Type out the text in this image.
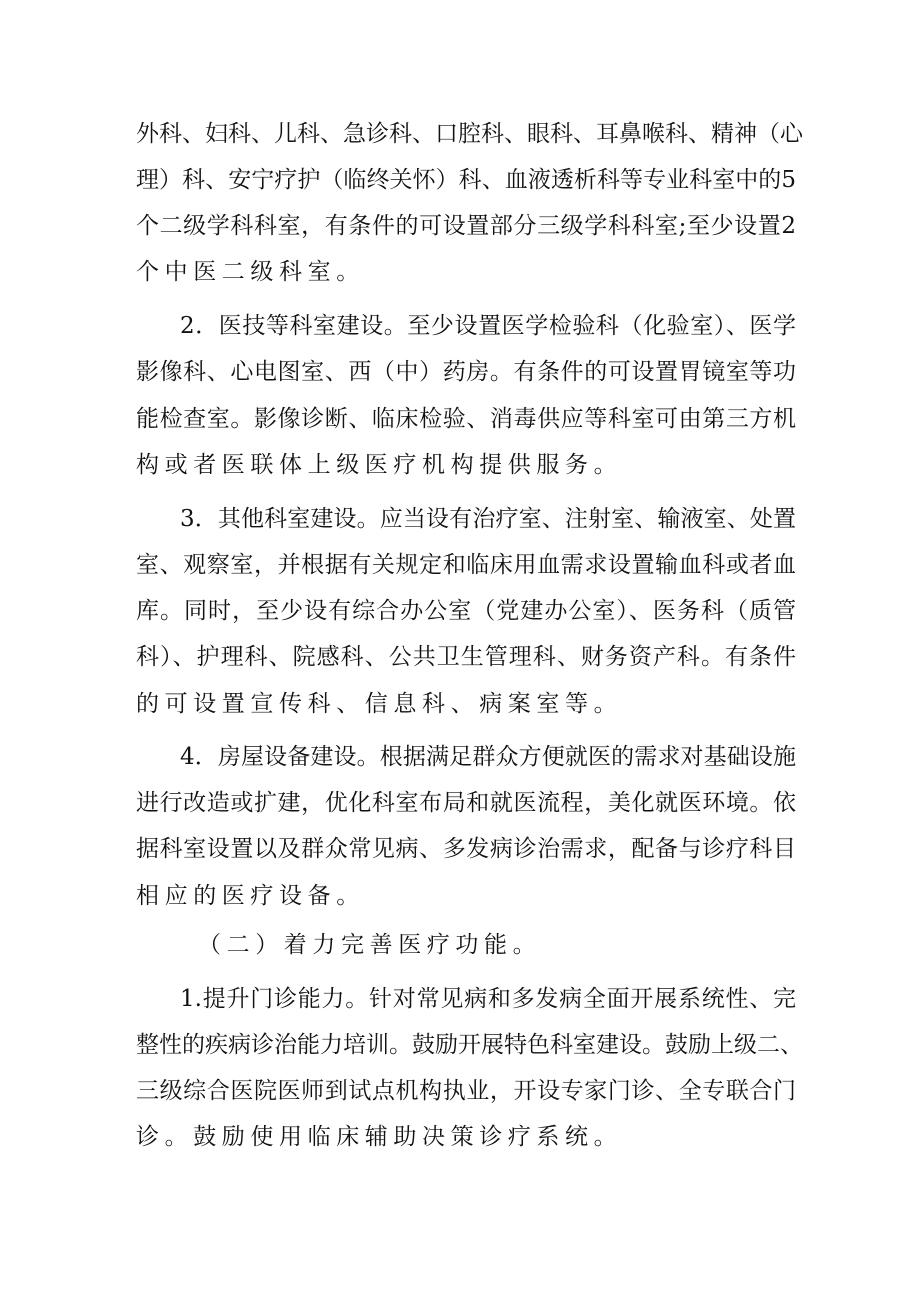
外科、妇科、儿科、急诊科、口腔科、眼科、耳鼻喉科、精神（心
理）科、安宁疗护（临终关怀）科、血液透析科等专业科室中的5
个二级学科科室，有条件的可设置部分三级学科科室;至少设置2
个中医二级科室。
2．医技等科室建设。至少设置医学检验科（化验室）、医学
影像科、心电图室、西（中）药房。有条件的可设置胃镜室等功
能检查室。影像诊断、临床检验、消毒供应等科室可由第三方机
构或者医联体上级医疗机构提供服务。
3．其他科室建设。应当设有治疗室、注射室、输液室、处置
室、观察室，并根据有关规定和临床用血需求设置输血科或者血
库。同时，至少设有综合办公室（党建办公室）、医务科（质管
科）、护理科、院感科、公共卫生管理科、财务资产科。有条件
的可设置宣传科、信息科、病案室等。
4．房屋设备建设。根据满足群众方便就医的需求对基础设施
进行改造或扩建，优化科室布局和就医流程，美化就医环境。依
据科室设置以及群众常见病、多发病诊治需求，配备与诊疗科目
相应的医疗设备。
（二）着力完善医疗功能。
1.提升门诊能力。针对常见病和多发病全面开展系统性、完
整性的疾病诊治能力培训。鼓励开展特色科室建设。鼓励上级二、
三级综合医院医师到试点机构执业，开设专家门诊、全专联合门
诊。鼓励使用临床辅助决策诊疗系统。
